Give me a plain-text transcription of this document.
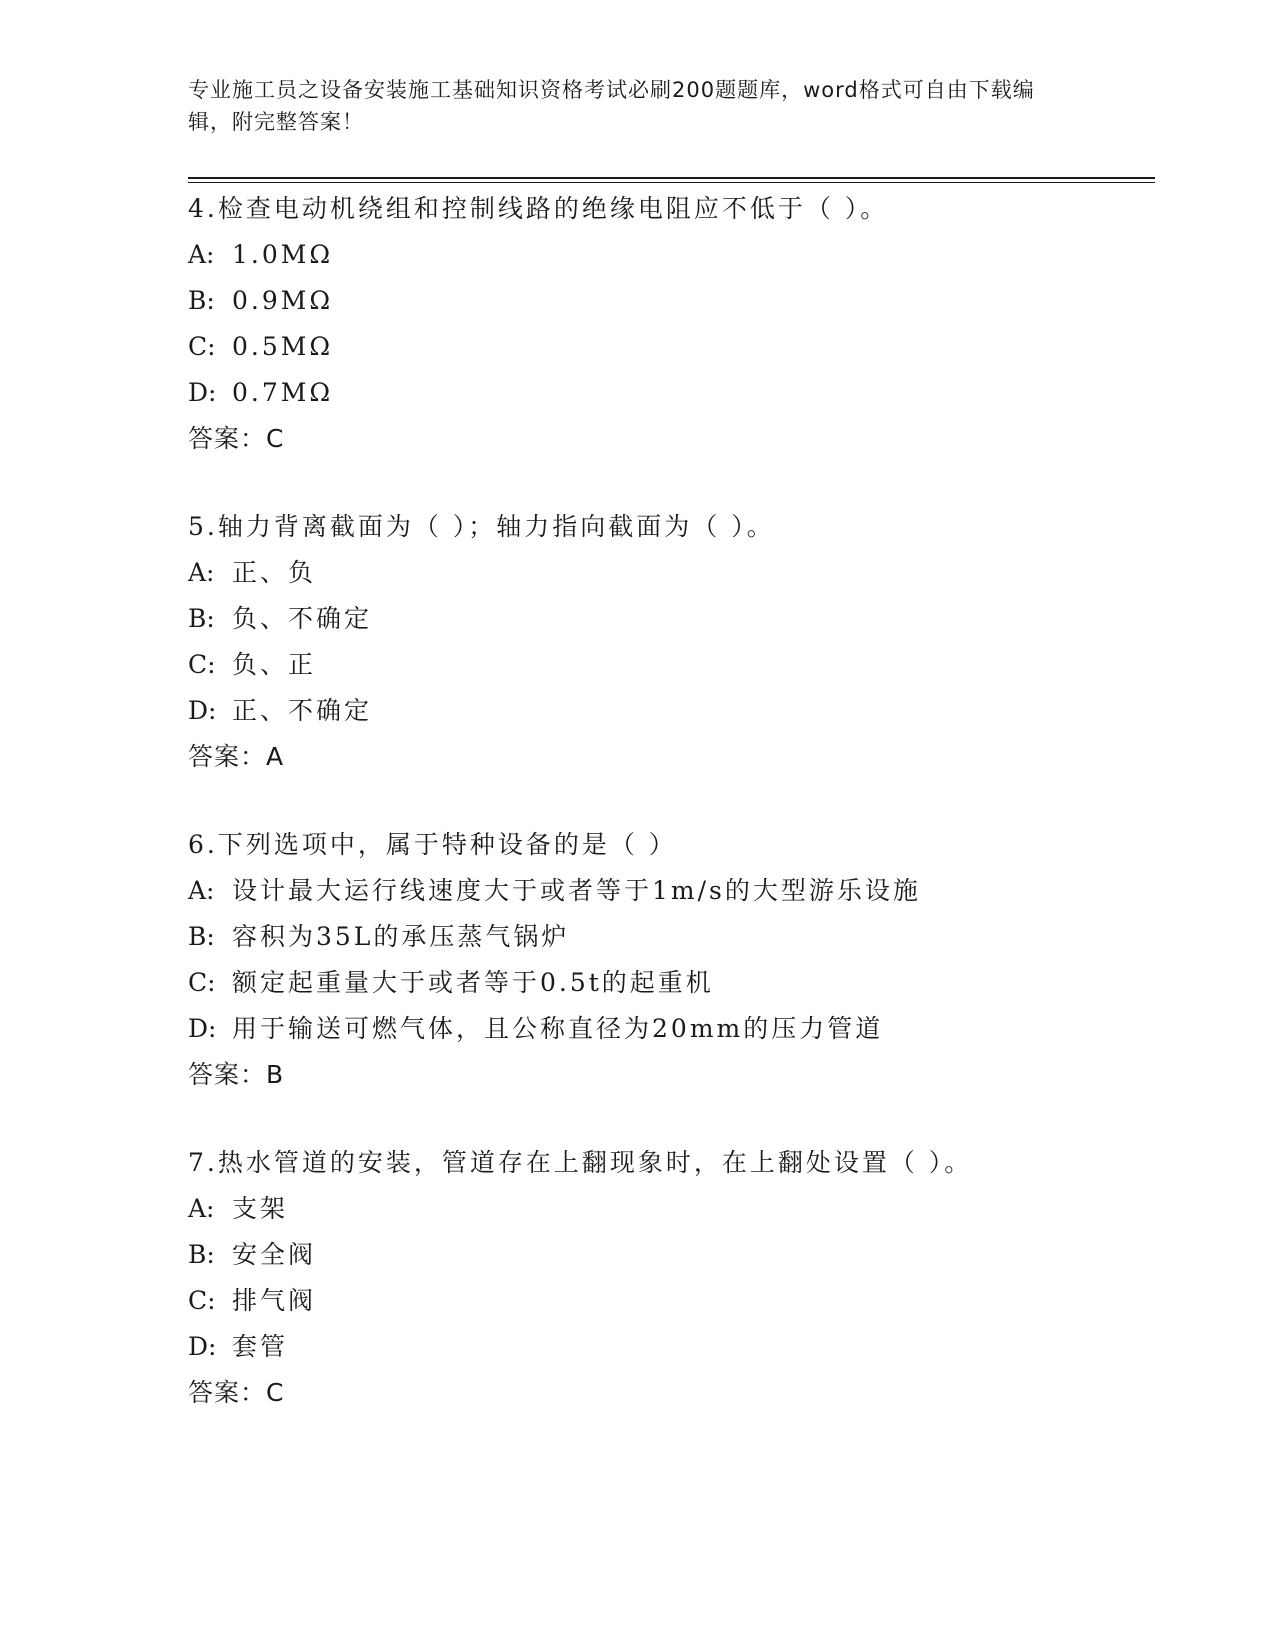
专业施工员之设备安装施工基础知识资格考试必刷200题题库，word格式可自由下载编辑，附完整答案！
4.检查电动机绕组和控制线路的绝缘电阻应不低于（ ）。
A: 1.0MΩ
B: 0.9MΩ
C: 0.5MΩ
D: 0.7MΩ
答案：C
5.轴力背离截面为（ ）；轴力指向截面为（ ）。
A: 正、负
B: 负、不确定
C: 负、正
D: 正、不确定
答案：A
6.下列选项中，属于特种设备的是（ ）
A: 设计最大运行线速度大于或者等于1m/s的大型游乐设施
B: 容积为35L的承压蒸气锅炉
C: 额定起重量大于或者等于0.5t的起重机
D: 用于输送可燃气体，且公称直径为20mm的压力管道
答案：B
7.热水管道的安装，管道存在上翻现象时，在上翻处设置（ ）。
A: 支架
B: 安全阀
C: 排气阀
D: 套管
答案：C
